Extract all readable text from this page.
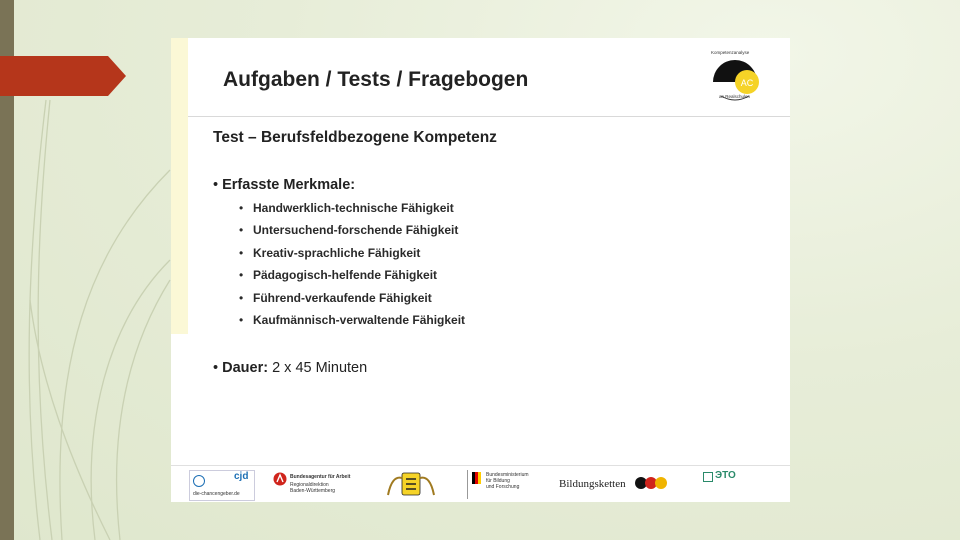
Aufgaben / Tests / Fragebogen	AC
Kompetenzanalyse
an Realschulen
Test – Berufsfeldbezogene Kompetenz
• Erfasste Merkmale:
• Handwerklich-technische Fähigkeit
• Untersuchend-forschende Fähigkeit
• Kreativ-sprachliche Fähigkeit
• Pädagogisch-helfende Fähigkeit
• Führend-verkaufende Fähigkeit
• Kaufmännisch-verwaltende Fähigkeit
• Dauer: 2 x 45 Minuten
die-chancengeber.de
cjd	Bundesagentur für Arbeit
Regionaldirektion
Baden-Württemberg
Bundesministerium
für Bildung
und Forschung	Bildungsketten
ЭТО
